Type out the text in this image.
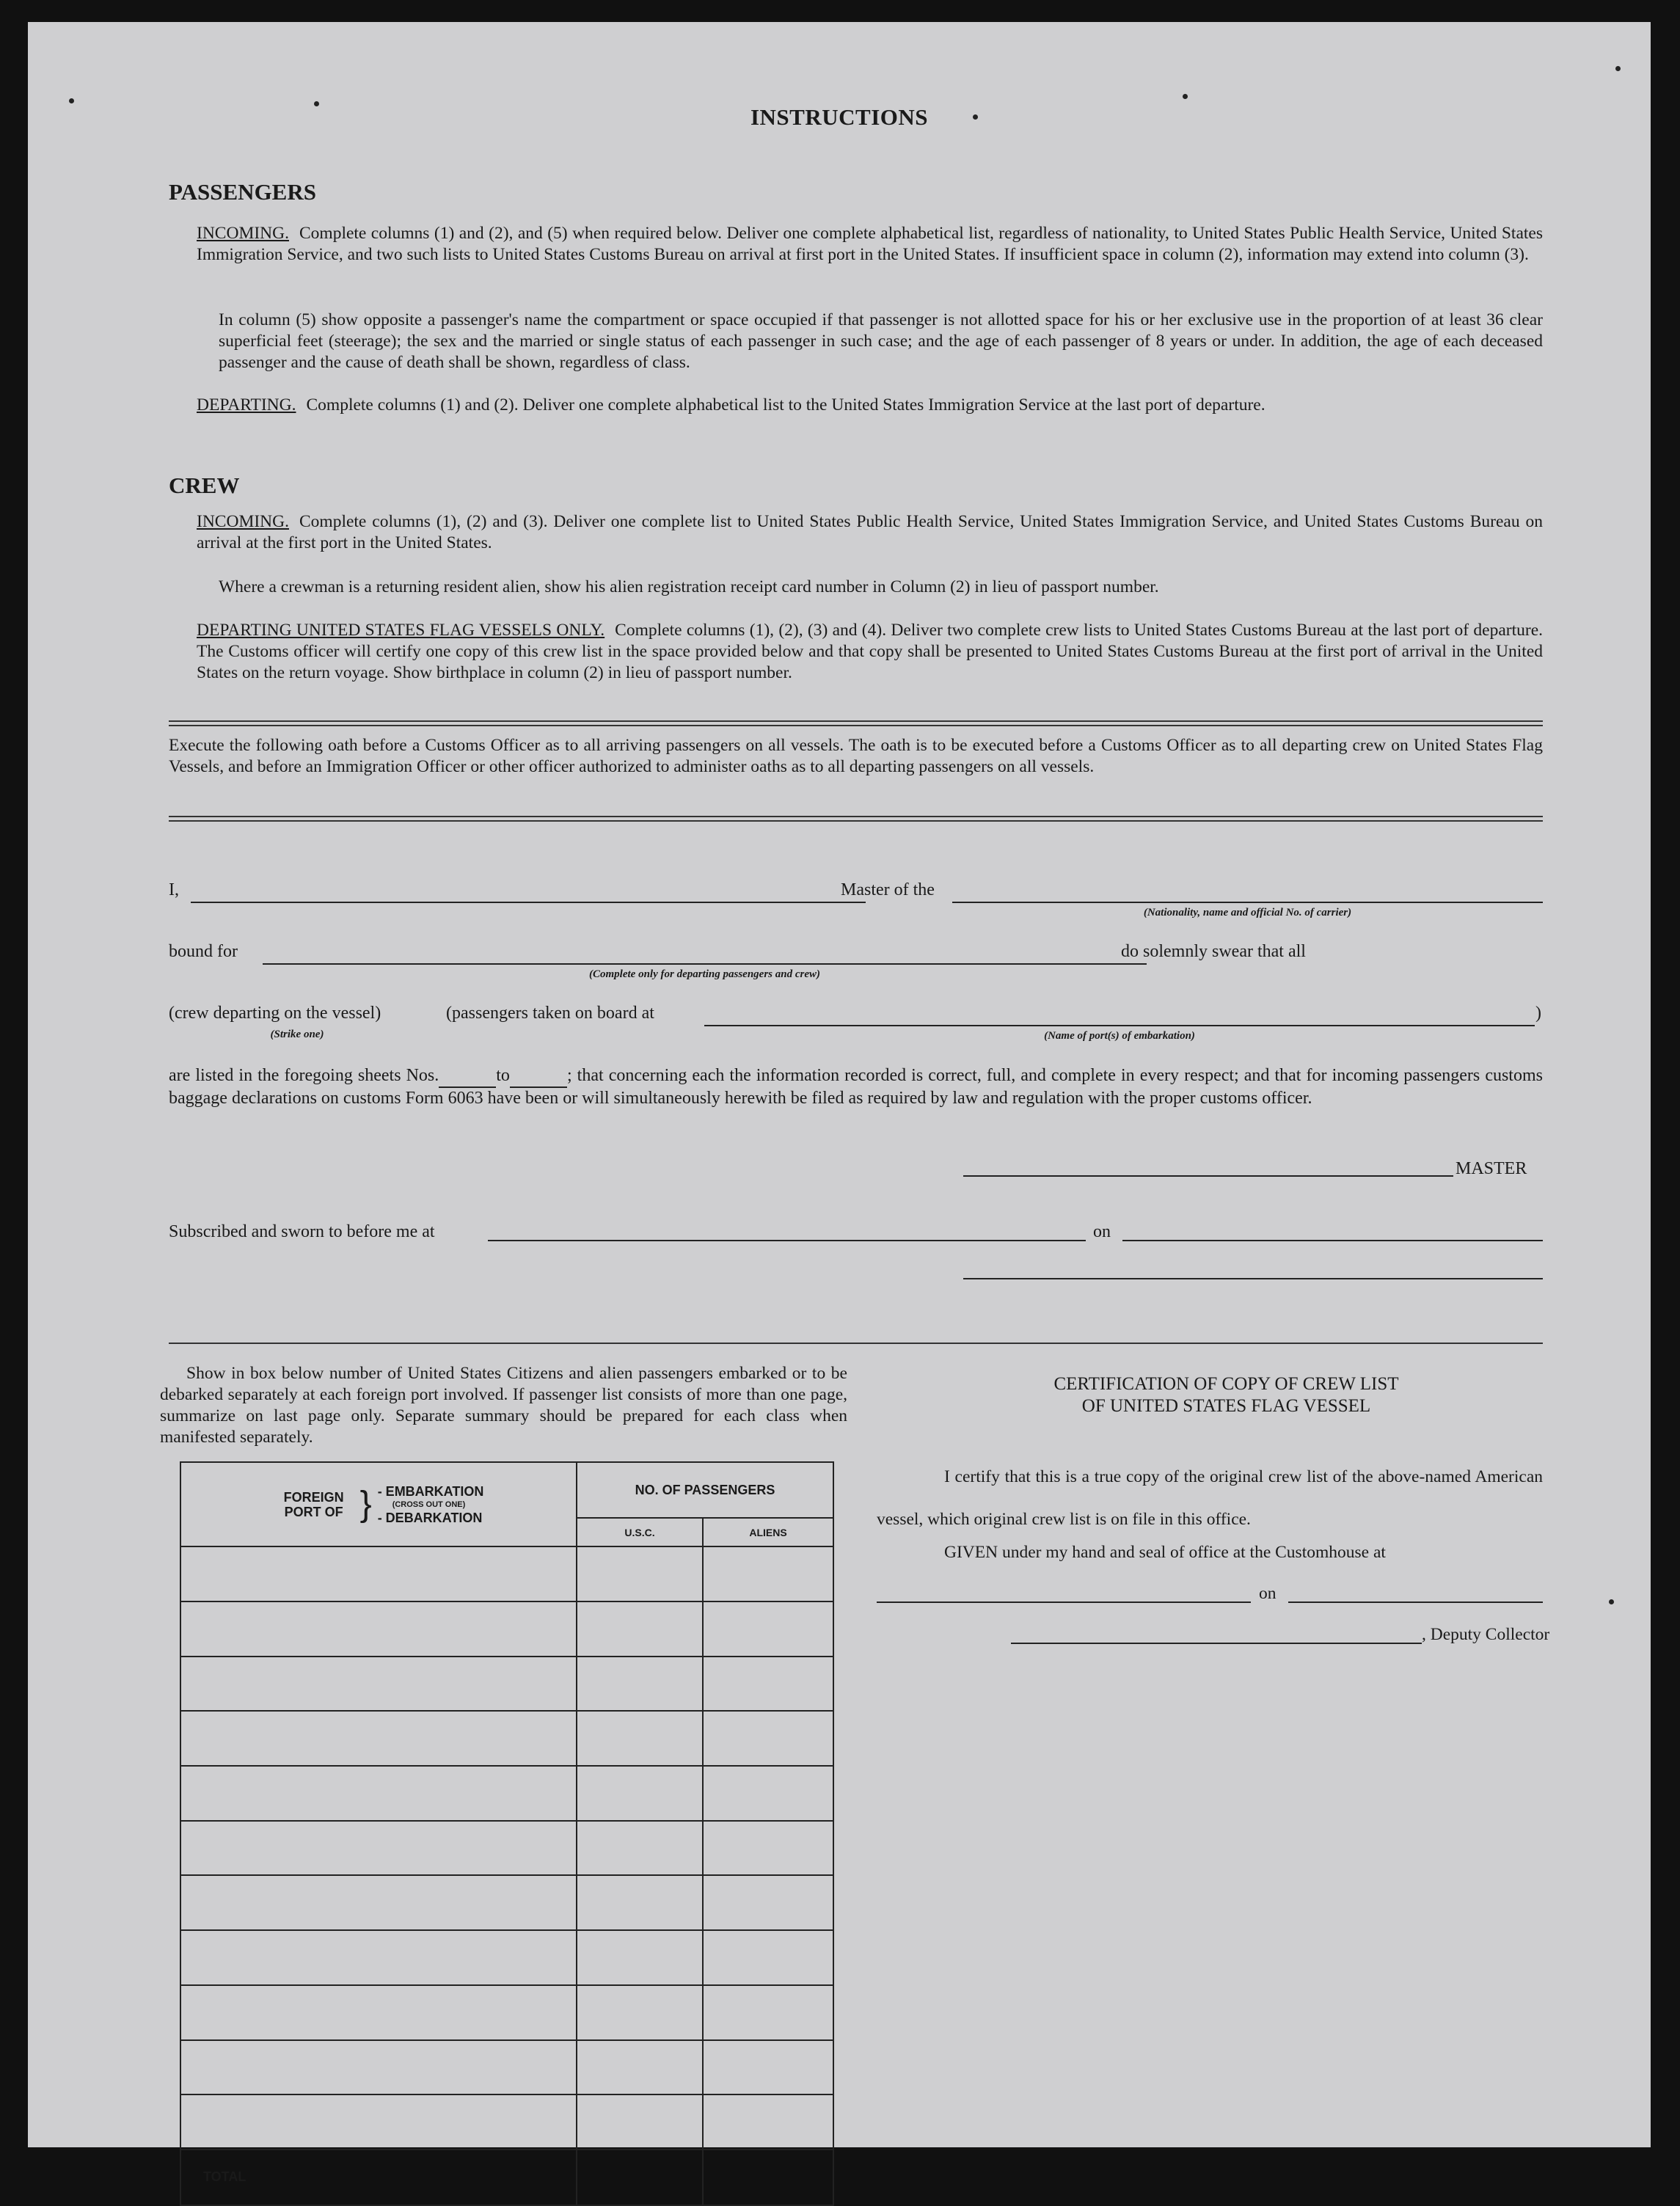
INSTRUCTIONS
PASSENGERS
INCOMING. Complete columns (1) and (2), and (5) when required below. Deliver one complete alphabetical list, regardless of nationality, to United States Public Health Service, United States Immigration Service, and two such lists to United States Customs Bureau on arrival at first port in the United States. If insufficient space in column (2), information may extend into column (3).
In column (5) show opposite a passenger's name the compartment or space occupied if that passenger is not allotted space for his or her exclusive use in the proportion of at least 36 clear superficial feet (steerage); the sex and the married or single status of each passenger in such case; and the age of each passenger of 8 years or under. In addition, the age of each deceased passenger and the cause of death shall be shown, regardless of class.
DEPARTING. Complete columns (1) and (2). Deliver one complete alphabetical list to the United States Immigration Service at the last port of departure.
CREW
INCOMING. Complete columns (1), (2) and (3). Deliver one complete list to United States Public Health Service, United States Immigration Service, and United States Customs Bureau on arrival at the first port in the United States.
Where a crewman is a returning resident alien, show his alien registration receipt card number in Column (2) in lieu of passport number.
DEPARTING UNITED STATES FLAG VESSELS ONLY. Complete columns (1), (2), (3) and (4). Deliver two complete crew lists to United States Customs Bureau at the last port of departure. The Customs officer will certify one copy of this crew list in the space provided below and that copy shall be presented to United States Customs Bureau at the first port of arrival in the United States on the return voyage. Show birthplace in column (2) in lieu of passport number.
Execute the following oath before a Customs Officer as to all arriving passengers on all vessels. The oath is to be executed before a Customs Officer as to all departing crew on United States Flag Vessels, and before an Immigration Officer or other officer authorized to administer oaths as to all departing passengers on all vessels.
I,	Master of the
(Nationality, name and official No. of carrier)
bound for
(Complete only for departing passengers and crew)
do solemnly swear that all
(crew departing on the vessel)
(Strike one)
(passengers taken on board at	)
(Name of port(s) of embarkation)
are listed in the foregoing sheets Nos.	to	; that concerning each the information recorded is correct, full, and complete in every respect; and that for incoming passengers customs baggage declarations on customs Form 6063 have been or will simultaneously herewith be filed as required by law and regulation with the proper customs officer.
MASTER
Subscribed and sworn to before me at	on
Show in box below number of United States Citizens and alien passengers embarked or to be debarked separately at each foreign port involved. If passenger list consists of more than one page, summarize on last page only. Separate summary should be prepared for each class when manifested separately.
FOREIGN PORT OF } - EMBARKATION
(CROSS OUT ONE)
- DEBARKATION	NO. OF PASSENGERS	
	U.S.C.	ALIENS

TOTAL		
CERTIFICATION OF COPY OF CREW LIST
OF UNITED STATES FLAG VESSEL
I certify that this is a true copy of the original crew list of the above-named American vessel, which original crew list is on file in this office.
GIVEN under my hand and seal of office at the Customhouse at
on
, Deputy Collector
